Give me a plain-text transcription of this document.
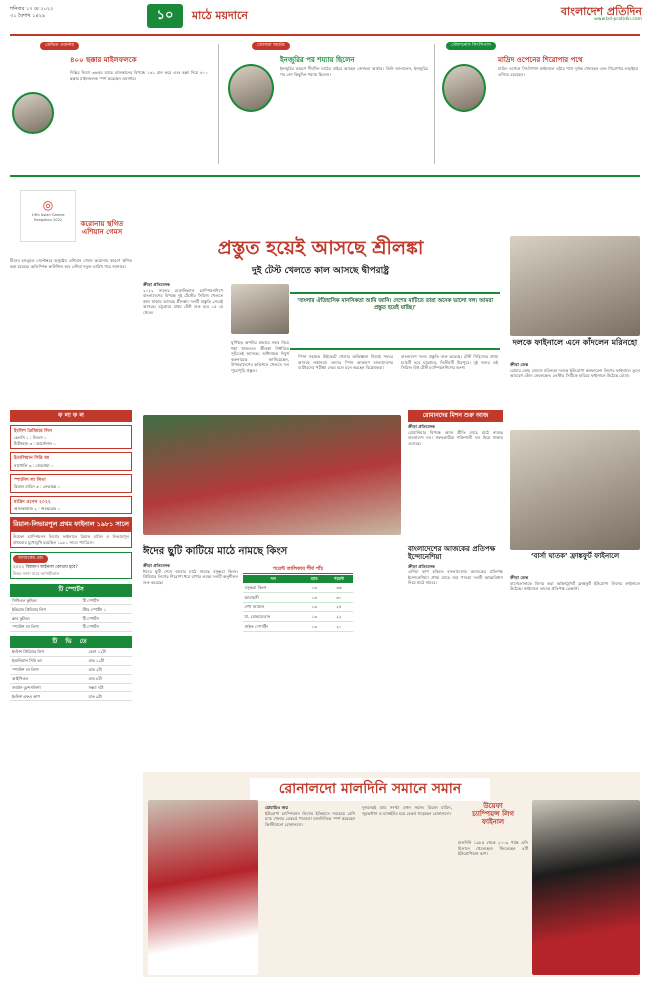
শনিবার ১৭ মে ২০২২
৩১ বৈশাখ ১৪২৯	১০	মাঠে ময়দানে	বাংলাদেশ প্রতিদিন
www.bd-pratidin.com
ডেভিড ওয়ার্নার
৪০০ ছক্কার মাইলফলকে
দিল্লির লিগে ৩৬তম ম্যাচে রাজস্থানের বিপক্ষে ১৬১ রান করে এবং ছক্কা দিয়ে ৪০০ ছক্কার মাইলফলক স্পর্শ করেছেন ওয়ার্নার।
জোফরা আর্চার
ইনজুরির পর শয্যায় ছিলেন
ইনজুরির কারণে দীর্ঘদিন মাঠের বাইরে আছেন জোফরা আর্চার। তিনি জানালেন, ইনজুরির পর বেশ কিছুদিন শয্যায় ছিলেন।
স্টেফানোস সিৎসিপাস
মাদ্রিদ ওপেনের শিরোপার পথে
মাদ্রিদ ওপেনে সিৎসিপাস ফাইনালে ওঠার পথে দুর্দান্ত খেলছেন এবং শিরোপার লড়াইয়ে এগিয়ে রয়েছেন।
◎
19th Asian Games
Hangzhou 2022	করোনায় স্থগিত এশিয়ান গেমস
চীনের হাংঝুতে সেপ্টেম্বরে অনুষ্ঠেয় এশিয়ান গেমস করোনার কারণে স্থগিত করা হয়েছে। অলিম্পিক কাউন্সিল অব এশিয়া নতুন তারিখ পরে জানাবে।
প্রস্তুত হয়েই আসছে শ্রীলঙ্কা
দুই টেস্ট খেলতে কাল আসছে দ্বীপরাষ্ট্র
ক্রীড়া প্রতিবেদক
২০২২ সালের মেকানিক্যাল চ্যাম্পিয়নশিপে বাংলাদেশের বিপক্ষে দুই টেস্টের সিরিজ খেলতে কাল ঢাকায় আসছে শ্রীলঙ্কা। দলটি প্রস্তুতি সেরেই আসছে। চট্টগ্রামে প্রথম টেস্ট শুরু হবে ১৫ মে থেকে।
ঘূর্ণিঝড় অশনির প্রভাবে সফর নিয়ে শঙ্কা থাকলেও শ্রীলঙ্কা নির্ধারিত সূচিতেই আসছে। অধিনায়ক দিমুথ করুনারত্নে জানিয়েছেন, উপমহাদেশের কন্ডিশনে খেলতে দল পুরোপুরি প্রস্তুত।
স্পিন সহায়ক উইকেটে খেলার অভিজ্ঞতা নিয়েই সফরে আসছে লঙ্কানরা। তাদের স্পিন আক্রমণ বাংলাদেশের ব্যাটারদের পরীক্ষা নেবে বলে মনে করছেন বিশ্লেষকরা।
বাংলাদেশ দলও প্রস্তুতি শুরু করেছে। টেস্ট সিরিজের প্রথম ম্যাচটি হবে চট্টগ্রামে, দ্বিতীয়টি মিরপুরে। দুই দলের এই সিরিজ বিশ্ব টেস্ট চ্যাম্পিয়নশিপের অংশ।
‘বাংলার ঐতিহাসিক মানসিকতা আমি জানি। দেশের মাটিতে তারা অনেক ভালো দল। আমরা প্রস্তুত হয়েই যাচ্ছি।’
দলকে ফাইনালে এনে কাঁদলেন মরিনহো
ক্রীড়া ডেস্ক
রোমার কোচ জোসে মরিনহো দলকে ইউরোপা কনফারেন্স লিগের ফাইনালে তুলে আবেগে কেঁদে ফেলেছেন। লেস্টার সিটিকে হারিয়ে ফাইনালে উঠেছে রোমা।
রোমানদের মিশন শুরু আজ
ক্রীড়া প্রতিবেদক
রোমানিয়ার বিপক্ষে আজ প্রীতি ম্যাচে মাঠে নামছে বাংলাদেশ দল। সফরকারীরা শক্তিশালী দল নিয়ে ঢাকায় এসেছে।
‘বার্সা ঘাতক’ ফ্রাঙ্কফুর্ট ফাইনালে
ক্রীড়া ডেস্ক
বার্সেলোনাকে বিদায় করা আইনট্রাখট ফ্রাঙ্কফুর্ট ইউরোপা লিগের ফাইনালে উঠেছে। ফাইনালে তাদের প্রতিপক্ষ রেঞ্জার্স।
ঈদের ছুটি কাটিয়ে মাঠে নামছে কিংস
ক্রীড়া প্রতিবেদক
ঈদের ছুটি শেষে আবার মাঠে নামছে বসুন্ধরা কিংস। প্রিমিয়ার লিগের শিরোপা ধরে রাখার লক্ষ্যে দলটি অনুশীলন শুরু করেছে।
পয়েন্ট তালিকায় শীর্ষ পাঁচ
দল	ম্যাচ	পয়েন্ট
বসুন্ধরা কিংস	১৩	৩৬
আবাহনী	১৩	৩০
শেখ জামাল	১৩	২৪
ঢা. মোহামেডান	১৩	২২
সাইফ স্পোর্টিং	১৩	২০
বাংলাদেশের আজকের প্রতিপক্ষ ইন্দোনেশিয়া
ক্রীড়া প্রতিবেদক
এশিয়া কাপ হকিতে বাংলাদেশের আজকের প্রতিপক্ষ ইন্দোনেশিয়া। প্রথম ম্যাচে জয় পাওয়া দলটি আত্মবিশ্বাস নিয়ে মাঠে নামবে।
ফ লা ফ ল
ইংলিশ প্রিমিয়ার লিগ
চেলসি ১ : লিডস ০
টটেনহাম ৩ : আর্সেনাল ০
ইতালিয়ান সিরি আ
নাপোলি ৩ : জেনোয়া ০
স্প্যানিশ লা লিগা
রিয়াল মাদ্রিদ ৬ : লেভান্তে ০
মাদ্রিদ ওপেন ২০২২
আলকারাজ ২ : জভেরেভ ০
রিয়াল-লিভারপুল প্রথম ফাইনাল ১৯৮১ সালে
উয়েফা চ্যাম্পিয়নস লিগের ফাইনালে রিয়াল মাদ্রিদ ও লিভারপুল প্রথমবার মুখোমুখি হয়েছিল ১৯৮১ সালে প্যারিসে।
আজকের প্রশ্ন
২০২২ বিশ্বকাপ ফাইনাল কোথায় হবে?
উত্তর জানা যাবে আগামীকাল
টি স্পোর্টস
সিপিএল ফুটবল	টি স্পোর্টস
ইন্ডিয়ান প্রিমিয়ার লিগ	স্টার স্পোর্টস ১
ক্লাব ফুটবল	টি স্পোর্টস
স্প্যানিশ লা লিগা	টি স্পোর্টস
টি ভি তে
ইংলিশ প্রিমিয়ার লিগ	বেলা ১২টা
ইতালিয়ান সিরি আ	রাত ১২টা
স্প্যানিশ লা লিগা	রাত ২টা
আইপিএল	রাত ৮টা
জার্মান বুন্দেসলিগা	সন্ধ্যা ৭টা
ইংলিশ এফএ কাপ	রাত ৯টা
রোনালদো মালদিনি সমানে সমান
রোমারিও জয়
ইউরোপা চ্যাম্পিয়নস লিগের ইতিহাসে সবচেয়ে বেশি ম্যাচ খেলার রেকর্ডে পাওলো মালদিনিকে স্পর্শ করেছেন ক্রিস্টিয়ানো রোনালদো।
দুজনেরই ম্যাচ সংখ্যা এখন সমান। রিয়াল মাদ্রিদ, জুভেন্টাস ও ম্যানইউর হয়ে রেকর্ড গড়েছেন রোনালদো।
উয়েফা
চ্যাম্পিয়ন্স লিগ
ফাইনাল
মালদিনি ১৯৮৫ থেকে ২০০৯ পর্যন্ত এসি মিলানে খেলেছেন। জিতেছেন ৫টি ইউরোপিয়ান কাপ।
